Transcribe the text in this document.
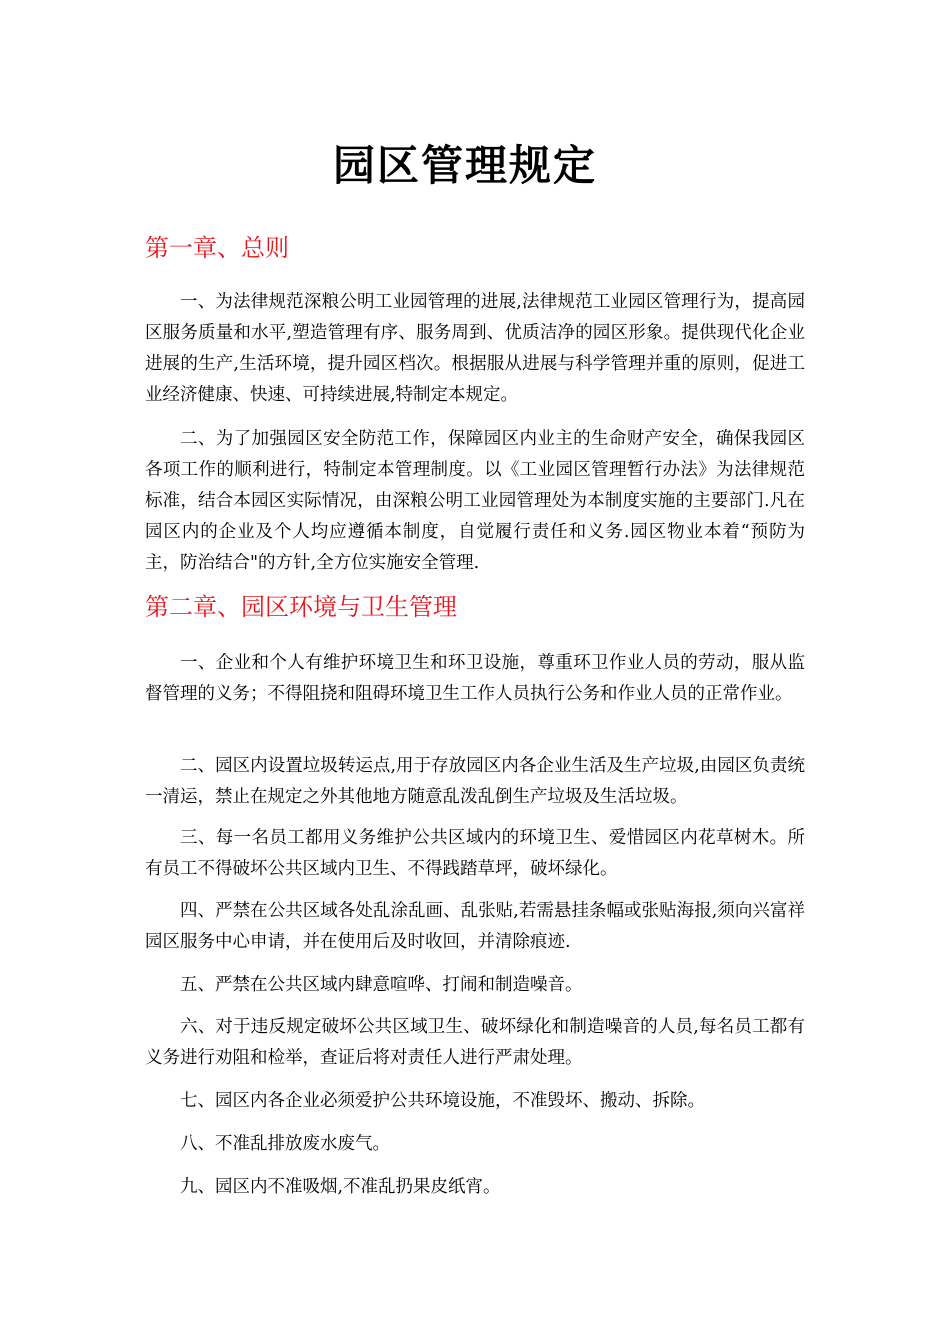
园区管理规定
第一章、总则

一、为法律规范深粮公明工业园管理的进展,法律规范工业园区管理行为，提高园区服务质量和水平,塑造管理有序、服务周到、优质洁净的园区形象。提供现代化企业进展的生产,生活环境，提升园区档次。根据服从进展与科学管理并重的原则，促进工业经济健康、快速、可持续进展,特制定本规定。

二、为了加强园区安全防范工作，保障园区内业主的生命财产安全，确保我园区各项工作的顺利进行，特制定本管理制度。以《工业园区管理暂行办法》为法律规范标准，结合本园区实际情况，由深粮公明工业园管理处为本制度实施的主要部门.凡在园区内的企业及个人均应遵循本制度，自觉履行责任和义务.园区物业本着“预防为主，防治结合"的方针,全方位实施安全管理.

第二章、园区环境与卫生管理

一、企业和个人有维护环境卫生和环卫设施，尊重环卫作业人员的劳动，服从监督管理的义务；不得阻挠和阻碍环境卫生工作人员执行公务和作业人员的正常作业。

二、园区内设置垃圾转运点,用于存放园区内各企业生活及生产垃圾,由园区负责统一清运，禁止在规定之外其他地方随意乱泼乱倒生产垃圾及生活垃圾。

三、每一名员工都用义务维护公共区域内的环境卫生、爱惜园区内花草树木。所有员工不得破坏公共区域内卫生、不得践踏草坪，破坏绿化。

四、严禁在公共区域各处乱涂乱画、乱张贴,若需悬挂条幅或张贴海报,须向兴富祥园区服务中心申请，并在使用后及时收回，并清除痕迹.

五、严禁在公共区域内肆意喧哗、打闹和制造噪音。

六、对于违反规定破坏公共区域卫生、破坏绿化和制造噪音的人员,每名员工都有义务进行劝阻和检举，查证后将对责任人进行严肃处理。

七、园区内各企业必须爱护公共环境设施，不准毁坏、搬动、拆除。

八、不准乱排放废水废气。

九、园区内不准吸烟,不准乱扔果皮纸宵。
